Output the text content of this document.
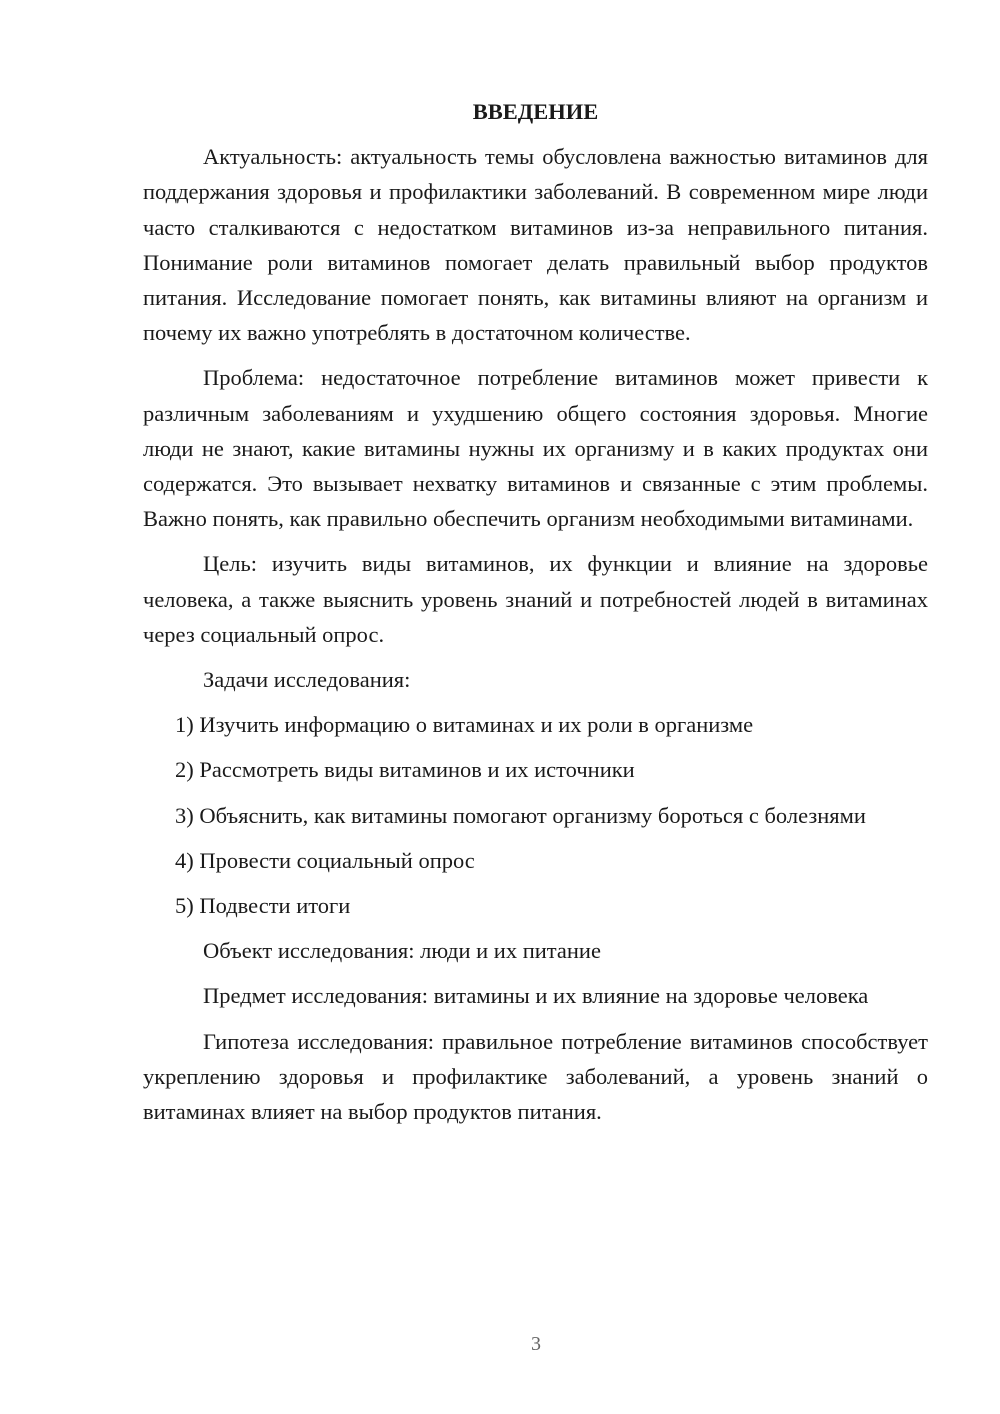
ВВЕДЕНИЕ

Актуальность: актуальность темы обусловлена важностью витаминов для поддержания здоровья и профилактики заболеваний. В современном мире люди часто сталкиваются с недостатком витаминов из-за неправильного питания. Понимание роли витаминов помогает делать правильный выбор продуктов питания. Исследование помогает понять, как витамины влияют на организм и почему их важно употреблять в достаточном количестве.

Проблема: недостаточное потребление витаминов может привести к различным заболеваниям и ухудшению общего состояния здоровья. Многие люди не знают, какие витамины нужны их организму и в каких продуктах они содержатся. Это вызывает нехватку витаминов и связанные с этим проблемы. Важно понять, как правильно обеспечить организм необходимыми витаминами.

Цель: изучить виды витаминов, их функции и влияние на здоровье человека, а также выяснить уровень знаний и потребностей людей в витаминах через социальный опрос.

Задачи исследования:

1) Изучить информацию о витаминах и их роли в организме

2) Рассмотреть виды витаминов и их источники

3) Объяснить, как витамины помогают организму бороться с болезнями

4) Провести социальный опрос

5) Подвести итоги

Объект исследования: люди и их питание

Предмет исследования: витамины и их влияние на здоровье человека

Гипотеза исследования: правильное потребление витаминов способствует укреплению здоровья и профилактике заболеваний, а уровень знаний о витаминах влияет на выбор продуктов питания.

3
